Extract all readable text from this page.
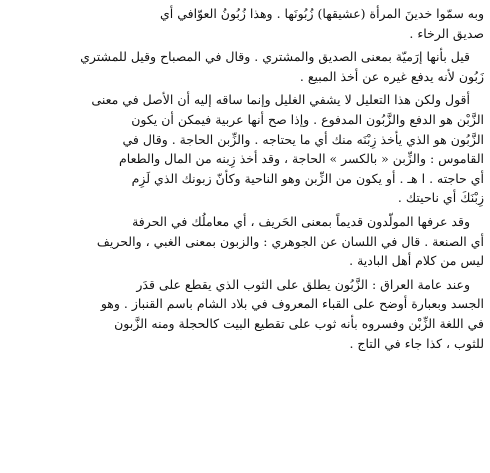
وبه سمّوا خدينَ المرأة (عشيقها) زُبُونَها . وهذا زُبُونُ العوّافي أي
صديق الرخاء .

قيل بأنها إرَميّة بمعنى الصديق والمشتري . وقال في المصباح وقيل للمشتري
زَبُون لأنه يدفع غيره عن أخذ المبيع .

أقول ولكن هذا التعليل لا يشفي الغليل وإنما ساقه إليه أن الأصل في معنى
الزَّبْن هو الدفع والزَّبُون المدفوع . وإذا صح أنها عربية فيمكن أن يكون
الزَّبُون هو الذي يأخذ زِبْنَه منك أي ما يحتاجه . والزِّبن الحاجة . وقال في
القاموس : والزِّبن « بالكسر » الحاجة ، وقد أخذ زِبنه من المال والطعام
أي حاجته . ا هـ . أو يكون من الزِّبن وهو الناحية وكأنّ زبونك الذي لَزِم
زِبْنَكَ أي ناحيتك .

وقد عرفها المولّدون قديماً بمعنى الحَريف ، أي معاملُك في الحرفة
أي الصنعة . قال في اللسان عن الجوهري : والزبون بمعنى الغبي ، والحريف
ليس من كلام أهل البادية .

وعند عامة العراق : الزَّبُون يطلق على الثوب الذي يقطع على قدَر
الجسد وبعبارة أوضح على القباء المعروف في بلاد الشام باسم القنباز . وهو
في اللغة الزِّبْن وفسروه بأنه ثوب على تقطيع البيت كالحجلة ومنه الزَّبون
للثوب ، كذا جاء في التاج .
